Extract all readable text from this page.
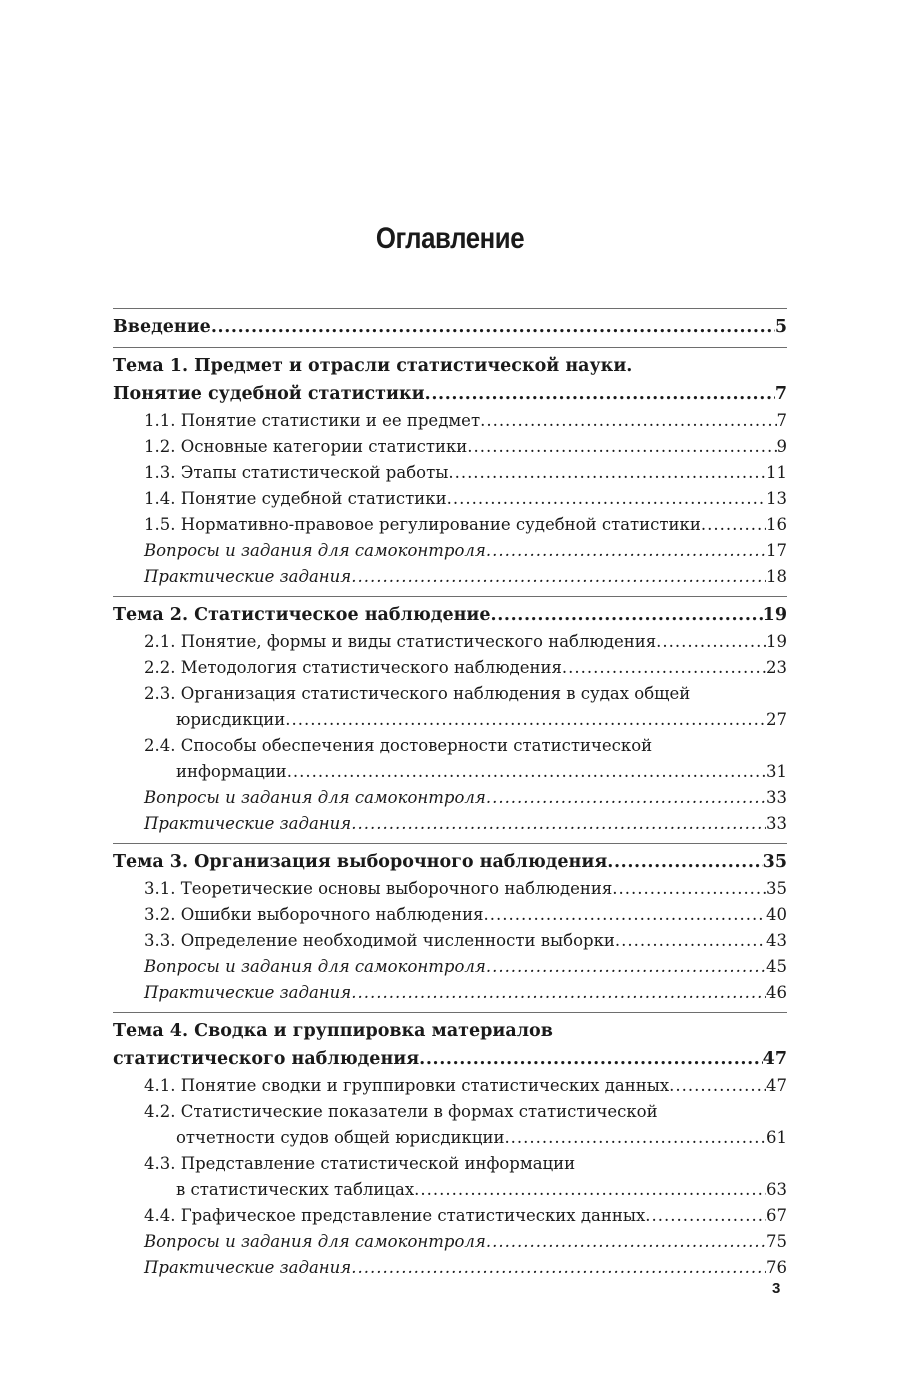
Оглавление
Введение .....	5
Тема 1. Предмет и отрасли статистической науки.
Понятие судебной статистики .....	7
1.1. Понятие статистики и ее предмет .....	7
1.2. Основные категории статистики .....	9
1.3. Этапы статистической работы .....	11
1.4. Понятие судебной статистики .....	13
1.5. Нормативно-правовое регулирование судебной статистики .....	16
Вопросы и задания для самоконтроля .....	17
Практические задания .....	18
Тема 2. Статистическое наблюдение .....	19
2.1. Понятие, формы и виды статистического наблюдения .....	19
2.2. Методология статистического наблюдения .....	23
2.3. Организация статистического наблюдения в судах общей
юрисдикции .....	27
2.4. Способы обеспечения достоверности статистической
информации .....	31
Вопросы и задания для самоконтроля .....	33
Практические задания .....	33
Тема 3. Организация выборочного наблюдения .....	35
3.1. Теоретические основы выборочного наблюдения .....	35
3.2. Ошибки выборочного наблюдения .....	40
3.3. Определение необходимой численности выборки .....	43
Вопросы и задания для самоконтроля .....	45
Практические задания .....	46
Тема 4. Сводка и группировка материалов
статистического наблюдения .....	47
4.1. Понятие сводки и группировки статистических данных .....	47
4.2. Статистические показатели в формах статистической
отчетности судов общей юрисдикции .....	61
4.3. Представление статистической информации
в статистических таблицах .....	63
4.4. Графическое представление статистических данных .....	67
Вопросы и задания для самоконтроля .....	75
Практические задания .....	76
3
